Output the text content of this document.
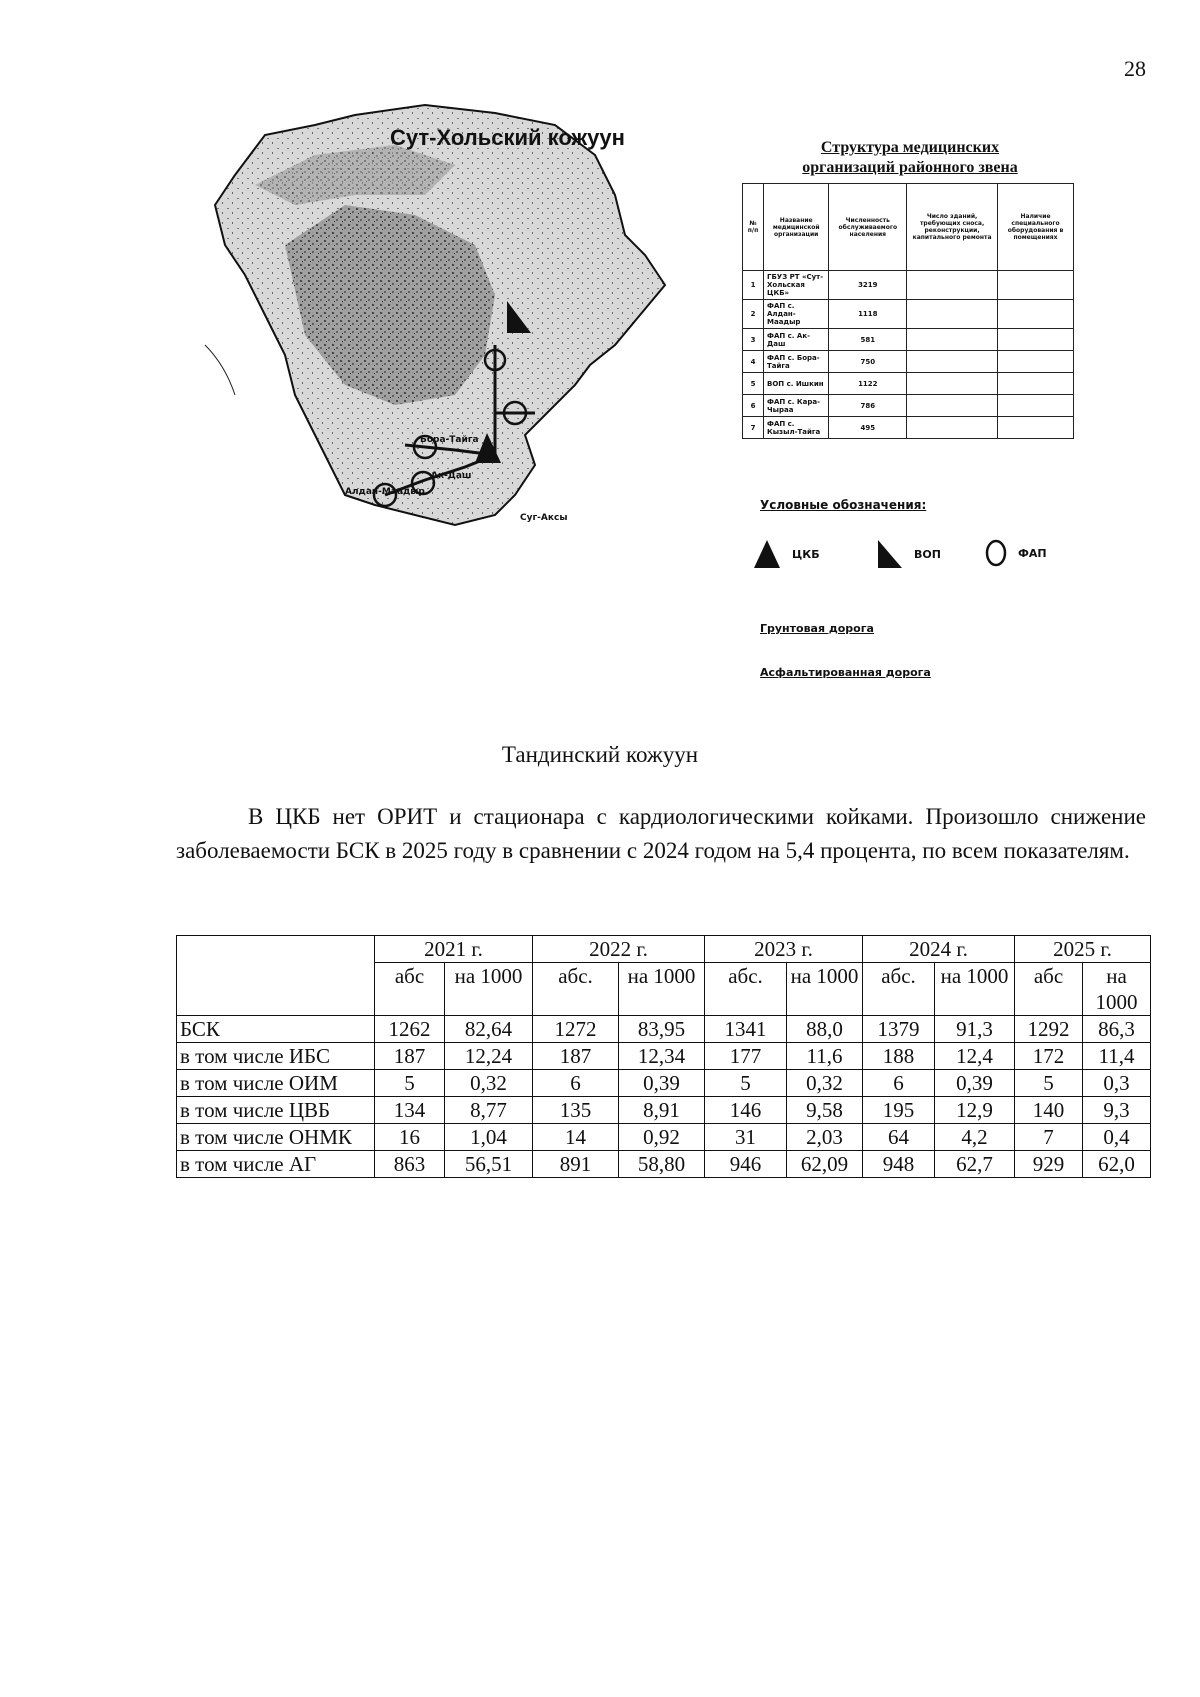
28
Сут-Хольский кожуун
Бора-Тайга
Алдан-Маадыр
Ак-Даш
Суг-Аксы
Структура медицинских
организаций районного звена
№ п/п	Название медицинской организации	Численность обслуживаемого населения	Число зданий, требующих сноса, реконструкции, капитального ремонта	Наличие специального оборудования в помещениях
1	ГБУЗ РТ «Сут-Хольская ЦКБ»	3219		
2	ФАП с. Алдан-Маадыр	1118		
3	ФАП с. Ак-Даш	581		
4	ФАП с. Бора-Тайга	750		
5	ВОП с. Ишкин	1122		
6	ФАП с. Кара-Чыраа	786		
7	ФАП с. Кызыл-Тайга	495		
Условные обозначения:
ЦКБ	ВОП	ФАП
Грунтовая дорога
Асфальтированная дорога
Тандинский кожуун

В ЦКБ нет ОРИТ и стационара с кардиологическими койками. Произошло снижение заболеваемости БСК в 2025 году в сравнении с 2024 годом на 5,4 процента, по всем показателям.

	2021 г.		2022 г.		2023 г.		2024 г.		2025 г.	
	абс	на 1000	абс.	на 1000	абс.	на 1000	абс.	на 1000	абс	на 1000
БСК	1262	82,64	1272	83,95	1341	88,0	1379	91,3	1292	86,3
в том числе ИБС	187	12,24	187	12,34	177	11,6	188	12,4	172	11,4
в том числе ОИМ	5	0,32	6	0,39	5	0,32	6	0,39	5	0,3
в том числе ЦВБ	134	8,77	135	8,91	146	9,58	195	12,9	140	9,3
в том числе ОНМК	16	1,04	14	0,92	31	2,03	64	4,2	7	0,4
в том числе АГ	863	56,51	891	58,80	946	62,09	948	62,7	929	62,0
